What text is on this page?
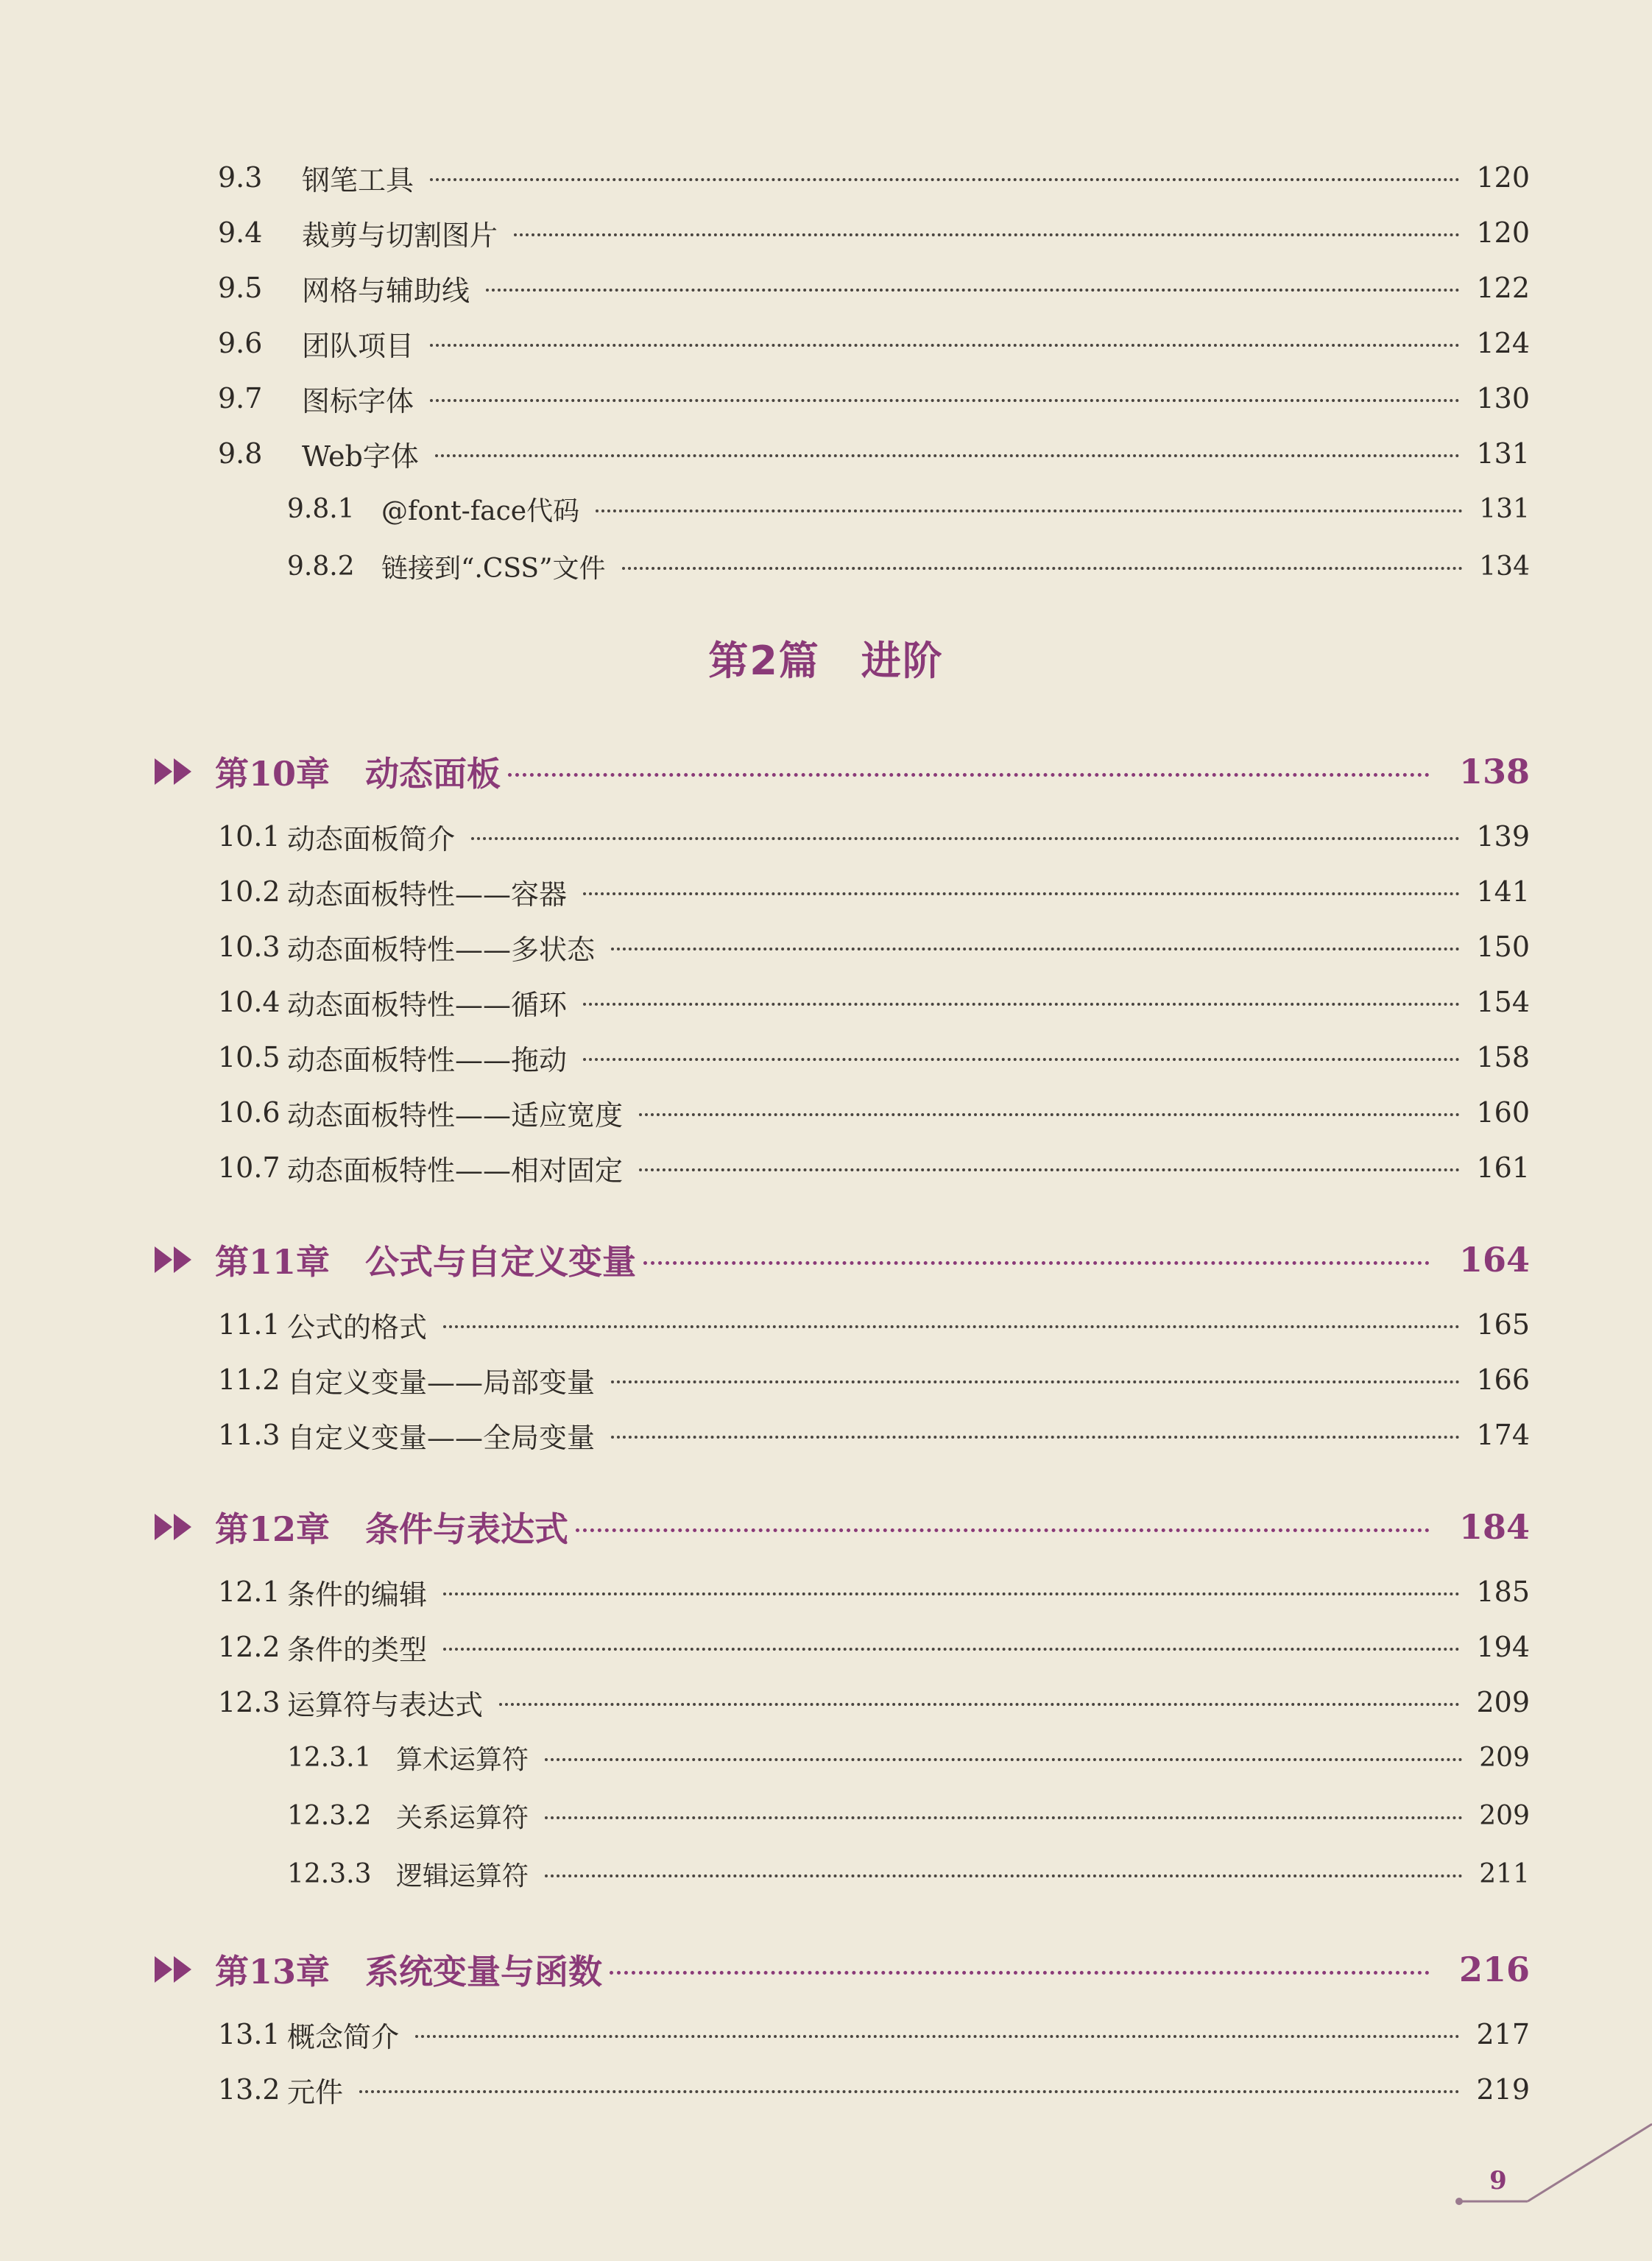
9.3	钢笔工具	120
9.4	裁剪与切割图片	120
9.5	网格与辅助线	122
9.6	团队项目	124
9.7	图标字体	130
9.8	Web字体	131
9.8.1	@font-face代码	131
9.8.2	链接到“.CSS”文件	134
第2篇 进阶
第10章 动态面板	138
10.1 动态面板简介	139
10.2 动态面板特性——容器	141
10.3 动态面板特性——多状态	150
10.4 动态面板特性——循环	154
10.5 动态面板特性——拖动	158
10.6 动态面板特性——适应宽度	160
10.7 动态面板特性——相对固定	161
第11章 公式与自定义变量	164
11.1 公式的格式	165
11.2 自定义变量——局部变量	166
11.3 自定义变量——全局变量	174
第12章 条件与表达式	184
12.1 条件的编辑	185
12.2 条件的类型	194
12.3 运算符与表达式	209
12.3.1 算术运算符	209
12.3.2 关系运算符	209
12.3.3 逻辑运算符	211
第13章 系统变量与函数	216
13.1 概念简介	217
13.2 元件	219
9
